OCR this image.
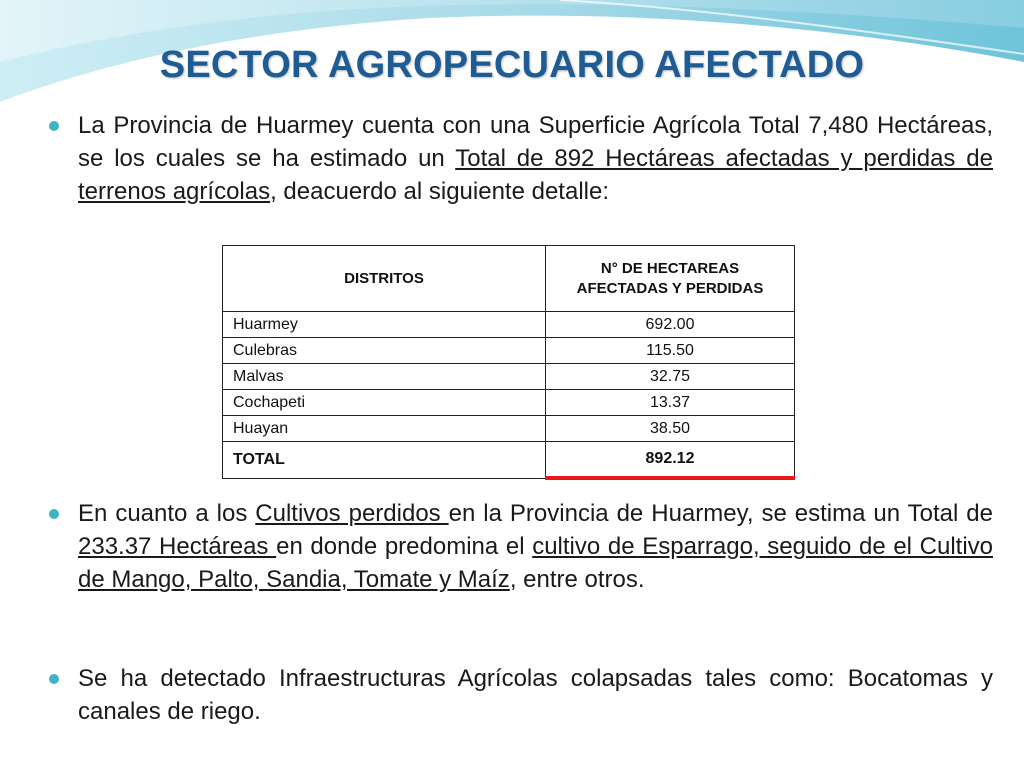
SECTOR AGROPECUARIO AFECTADO

La Provincia de Huarmey cuenta con una Superficie Agrícola Total 7,480 Hectáreas, se los cuales se ha estimado un Total de 892 Hectáreas afectadas y perdidas de terrenos agrícolas, deacuerdo al siguiente detalle:

DISTRITOS	N° DE HECTAREAS AFECTADAS Y PERDIDAS
Huarmey	692.00
Culebras	115.50
Malvas	32.75
Cochapeti	13.37
Huayan	38.50
TOTAL	892.12

En cuanto a los Cultivos perdidos en la Provincia de Huarmey, se estima un Total de 233.37 Hectáreas en donde predomina el cultivo de Esparrago, seguido de el Cultivo de Mango, Palto, Sandia, Tomate y Maíz, entre otros.

Se ha detectado Infraestructuras Agrícolas colapsadas tales como: Bocatomas y canales de riego.
